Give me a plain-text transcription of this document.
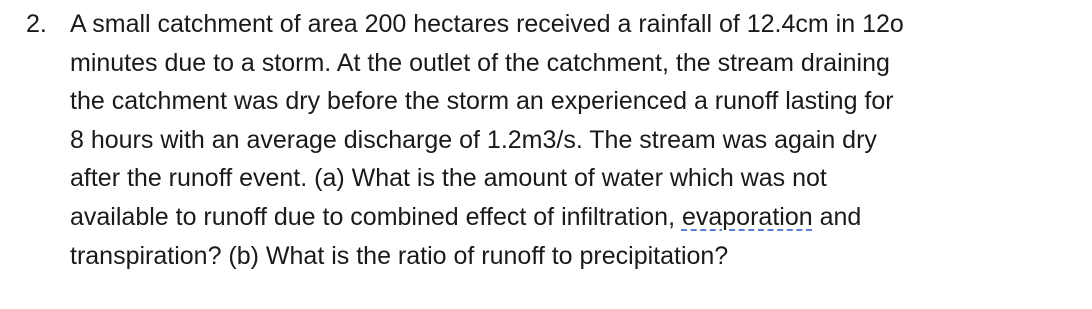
2. A small catchment of area 200 hectares received a rainfall of 12.4cm in 12o
minutes due to a storm. At the outlet of the catchment, the stream draining
the catchment was dry before the storm an experienced a runoff lasting for
8 hours with an average discharge of 1.2m3/s. The stream was again dry
after the runoff event. (a) What is the amount of water which was not
available to runoff due to combined effect of infiltration, evaporation and
transpiration? (b) What is the ratio of runoff to precipitation?
